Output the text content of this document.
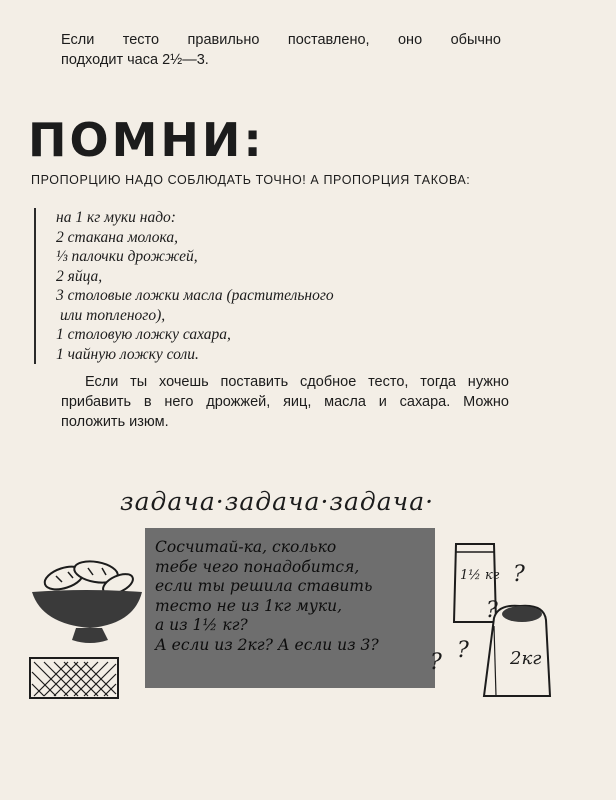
Если тесто правильно поставлено, оно обычно
подходит часа 2½—3.
ПОМНИ:
ПРОПОРЦИЮ НАДО СОБЛЮДАТЬ ТОЧНО! А ПРОПОРЦИЯ ТАКОВА:
на 1 кг муки надо:
2 стакана молока,
⅓ палочки дрожжей,
2 яйца,
3 столовые ложки масла (растительного
или топленого),
1 столовую ложку сахара,
1 чайную ложку соли.
Если ты хочешь поставить сдобное тесто, тогда нужно
прибавить в него дрожжей, яиц, масла и сахара. Можно
положить изюм.
задача·задача·задача·
Сосчитай-ка, сколько
тебе чего понадобится,
если ты решила ставить
тесто не из 1кг муки,
а из 1½ кг?
А если из 2кг? А если из 3?
1½ кг
2кг
?
?
?
?
